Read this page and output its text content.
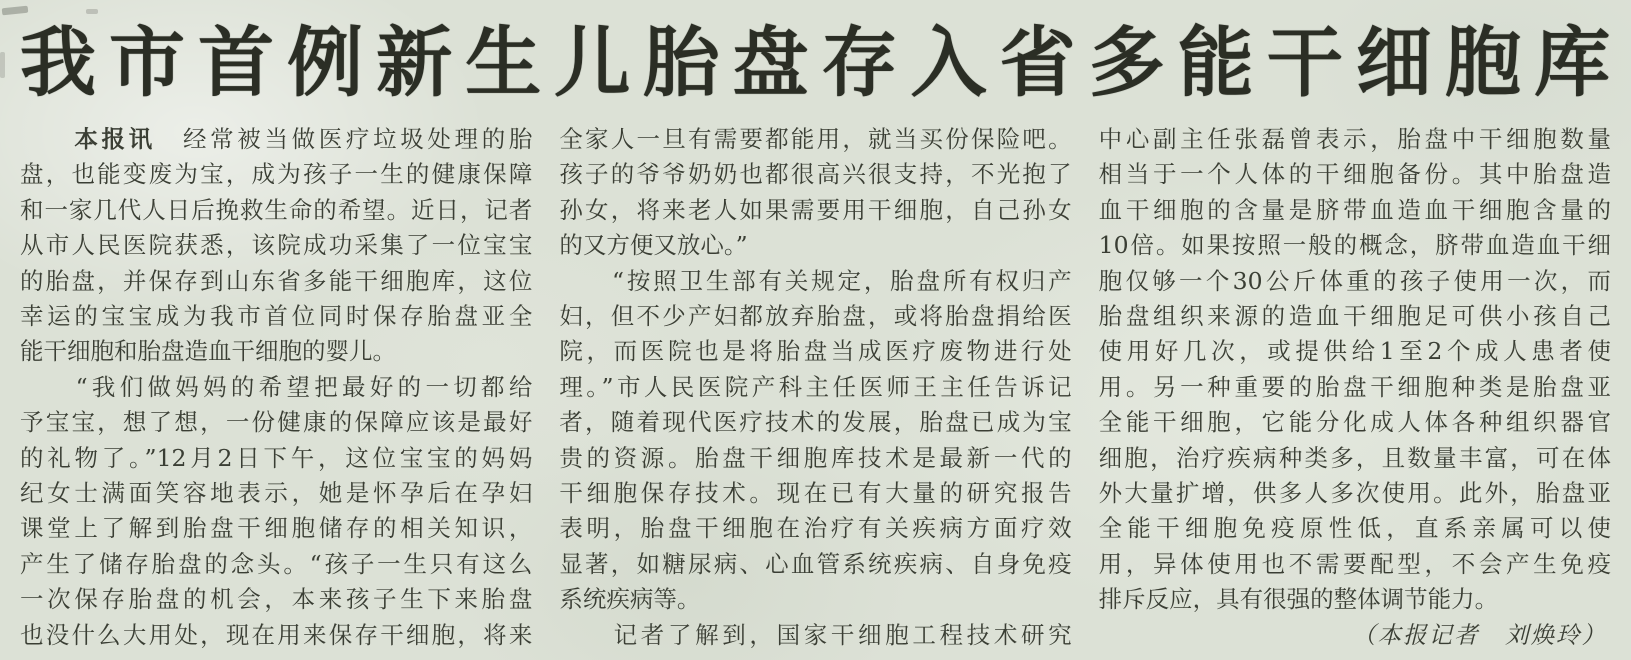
我市首例新生儿胎盘存入省多能干细胞库
　　本报讯　经常被当做医疗垃圾处理的胎
盘，也能变废为宝，成为孩子一生的健康保障
和一家几代人日后挽救生命的希望。近日，记者
从市人民医院获悉，该院成功采集了一位宝宝
的胎盘，并保存到山东省多能干细胞库，这位
幸运的宝宝成为我市首位同时保存胎盘亚全
能干细胞和胎盘造血干细胞的婴儿。
　　“我们做妈妈的希望把最好的一切都给
予宝宝，想了想，一份健康的保障应该是最好
的礼物了。”12月2日下午，这位宝宝的妈妈
纪女士满面笑容地表示，她是怀孕后在孕妇
课堂上了解到胎盘干细胞储存的相关知识，
产生了储存胎盘的念头。“孩子一生只有这么
一次保存胎盘的机会，本来孩子生下来胎盘
也没什么大用处，现在用来保存干细胞，将来
全家人一旦有需要都能用，就当买份保险吧。
孩子的爷爷奶奶也都很高兴很支持，不光抱了
孙女，将来老人如果需要用干细胞，自己孙女
的又方便又放心。”
　　“按照卫生部有关规定，胎盘所有权归产
妇，但不少产妇都放弃胎盘，或将胎盘捐给医
院，而医院也是将胎盘当成医疗废物进行处
理。”市人民医院产科主任医师王主任告诉记
者，随着现代医疗技术的发展，胎盘已成为宝
贵的资源。胎盘干细胞库技术是最新一代的
干细胞保存技术。现在已有大量的研究报告
表明，胎盘干细胞在治疗有关疾病方面疗效
显著，如糖尿病、心血管系统疾病、自身免疫
系统疾病等。
　　记者了解到，国家干细胞工程技术研究
中心副主任张磊曾表示，胎盘中干细胞数量
相当于一个人体的干细胞备份。其中胎盘造
血干细胞的含量是脐带血造血干细胞含量的
10倍。如果按照一般的概念，脐带血造血干细
胞仅够一个30公斤体重的孩子使用一次，而
胎盘组织来源的造血干细胞足可供小孩自己
使用好几次，或提供给1至2个成人患者使
用。另一种重要的胎盘干细胞种类是胎盘亚
全能干细胞，它能分化成人体各种组织器官
细胞，治疗疾病种类多，且数量丰富，可在体
外大量扩增，供多人多次使用。此外，胎盘亚
全能干细胞免疫原性低，直系亲属可以使
用，异体使用也不需要配型，不会产生免疫
排斥反应，具有很强的整体调节能力。
（本报记者　刘焕玲）
